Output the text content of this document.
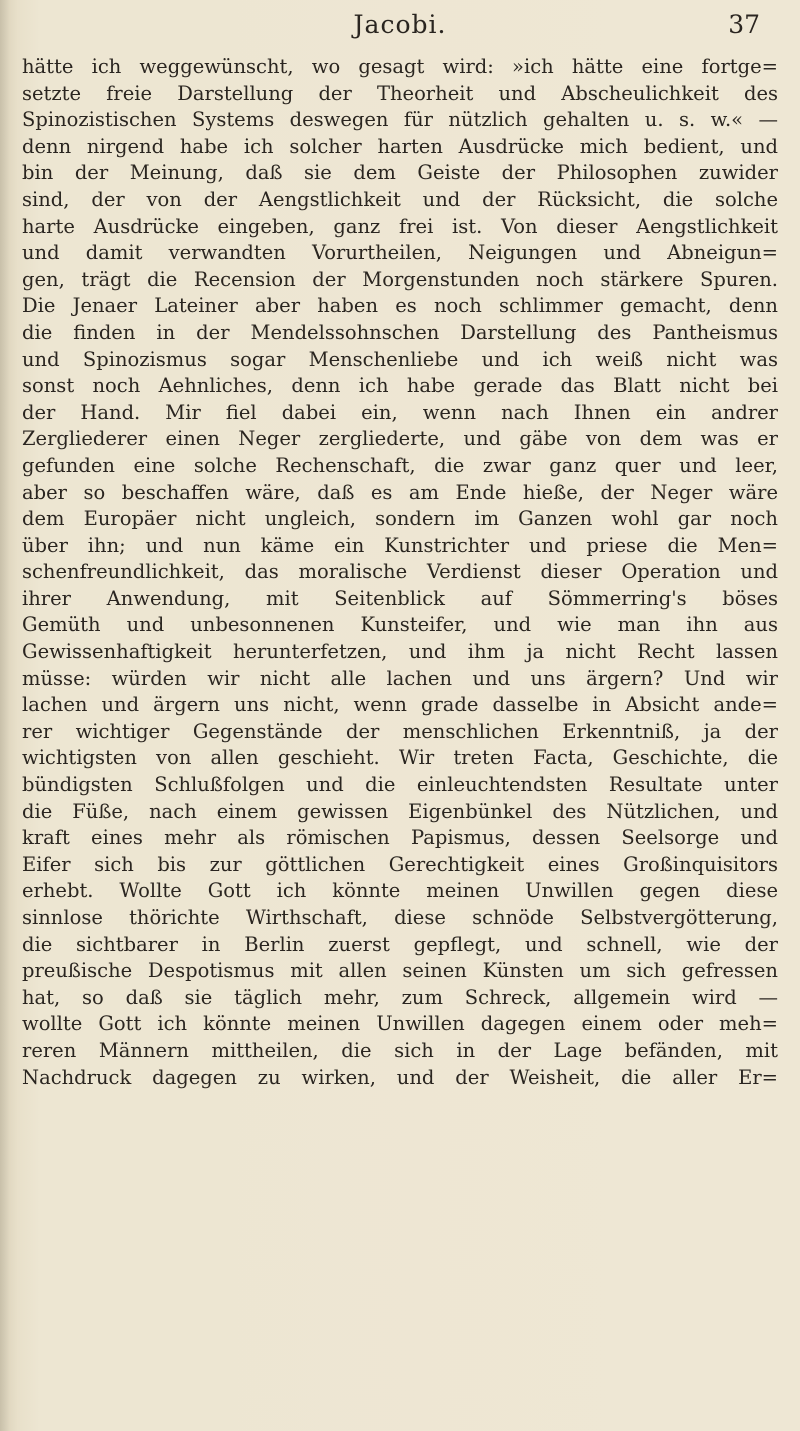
Jacobi.	37
hätte ich weggewünscht, wo gesagt wird: »ich hätte eine fortge=
setzte freie Darstellung der Theorheit und Abscheulichkeit des
Spinozistischen Systems deswegen für nützlich gehalten u. s. w.« —
denn nirgend habe ich solcher harten Ausdrücke mich bedient, und
bin der Meinung, daß sie dem Geiste der Philosophen zuwider
sind, der von der Aengstlichkeit und der Rücksicht, die solche
harte Ausdrücke eingeben, ganz frei ist. Von dieser Aengstlichkeit
und damit verwandten Vorurtheilen, Neigungen und Abneigun=
gen, trägt die Recension der Morgenstunden noch stärkere Spuren.
Die Jenaer Lateiner aber haben es noch schlimmer gemacht, denn
die finden in der Mendelssohnschen Darstellung des Pantheismus
und Spinozismus sogar Menschenliebe und ich weiß nicht was
sonst noch Aehnliches, denn ich habe gerade das Blatt nicht bei
der Hand. Mir fiel dabei ein, wenn nach Ihnen ein andrer
Zergliederer einen Neger zergliederte, und gäbe von dem was er
gefunden eine solche Rechenschaft, die zwar ganz quer und leer,
aber so beschaffen wäre, daß es am Ende hieße, der Neger wäre
dem Europäer nicht ungleich, sondern im Ganzen wohl gar noch
über ihn; und nun käme ein Kunstrichter und priese die Men=
schenfreundlichkeit, das moralische Verdienst dieser Operation und
ihrer Anwendung, mit Seitenblick auf Sömmerring's böses
Gemüth und unbesonnenen Kunsteifer, und wie man ihn aus
Gewissenhaftigkeit herunterfetzen, und ihm ja nicht Recht lassen
müsse: würden wir nicht alle lachen und uns ärgern? Und wir
lachen und ärgern uns nicht, wenn grade dasselbe in Absicht ande=
rer wichtiger Gegenstände der menschlichen Erkenntniß, ja der
wichtigsten von allen geschieht. Wir treten Facta, Geschichte, die
bündigsten Schlußfolgen und die einleuchtendsten Resultate unter
die Füße, nach einem gewissen Eigenbünkel des Nützlichen, und
kraft eines mehr als römischen Papismus, dessen Seelsorge und
Eifer sich bis zur göttlichen Gerechtigkeit eines Großinquisitors
erhebt. Wollte Gott ich könnte meinen Unwillen gegen diese
sinnlose thörichte Wirthschaft, diese schnöde Selbstvergötterung,
die sichtbarer in Berlin zuerst gepflegt, und schnell, wie der
preußische Despotismus mit allen seinen Künsten um sich gefressen
hat, so daß sie täglich mehr, zum Schreck, allgemein wird —
wollte Gott ich könnte meinen Unwillen dagegen einem oder meh=
reren Männern mittheilen, die sich in der Lage befänden, mit
Nachdruck dagegen zu wirken, und der Weisheit, die aller Er=
